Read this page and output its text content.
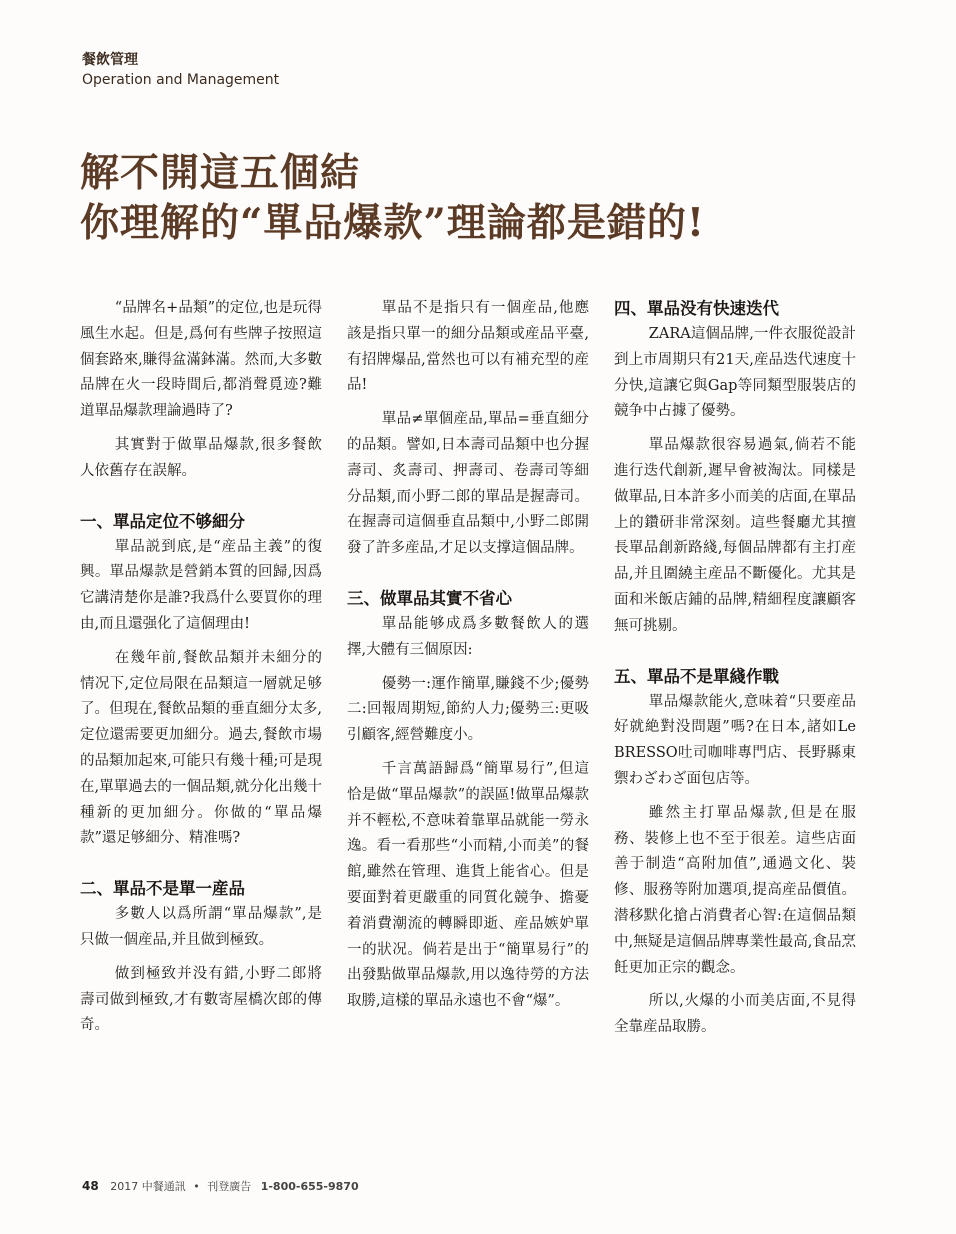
餐飲管理
Operation and Management
解不開這五個結
你理解的“單品爆款”理論都是錯的!

“品牌名+品類”的定位,也是玩得風生水起。但是,爲何有些牌子按照這個套路來,賺得盆滿鉢滿。然而,大多數品牌在火一段時間后,都消聲覓迹?難道單品爆款理論過時了?

其實對于做單品爆款,很多餐飲人依舊存在誤解。

一、單品定位不够細分

單品説到底,是“産品主義”的復興。單品爆款是營銷本質的回歸,因爲它講清楚你是誰?我爲什么要買你的理由,而且還强化了這個理由!

在幾年前,餐飲品類并未細分的情况下,定位局限在品類這一層就足够了。但現在,餐飲品類的垂直細分太多,定位還需要更加細分。過去,餐飲市場的品類加起來,可能只有幾十種;可是現在,單單過去的一個品類,就分化出幾十種新的更加細分。你做的“單品爆款”還足够細分、精准嗎?

二、單品不是單一産品

多數人以爲所謂“單品爆款”,是只做一個産品,并且做到極致。

做到極致并没有錯,小野二郎將壽司做到極致,才有數寄屋橋次郎的傳奇。

單品不是指只有一個産品,他應該是指只單一的細分品類或産品平臺,有招牌爆品,當然也可以有補充型的産品!

單品≠單個産品,單品=垂直細分的品類。譬如,日本壽司品類中也分握壽司、炙壽司、押壽司、卷壽司等細分品類,而小野二郎的單品是握壽司。在握壽司這個垂直品類中,小野二郎開發了許多産品,才足以支撑這個品牌。

三、做單品其實不省心

單品能够成爲多數餐飲人的選擇,大體有三個原因:

優勢一:運作簡單,賺錢不少;優勢二:回報周期短,節約人力;優勢三:更吸引顧客,經營難度小。

千言萬語歸爲“簡單易行”,但這恰是做“單品爆款”的誤區!做單品爆款并不輕松,不意味着靠單品就能一勞永逸。看一看那些“小而精,小而美”的餐館,雖然在管理、進貨上能省心。但是要面對着更嚴重的同質化競争、擔憂着消費潮流的轉瞬即逝、産品嫉妒單一的狀况。倘若是出于“簡單易行”的出發點做單品爆款,用以逸待勞的方法取勝,這樣的單品永遠也不會“爆”。

四、單品没有快速迭代

ZARA這個品牌,一件衣服從設計到上市周期只有21天,産品迭代速度十分快,這讓它與Gap等同類型服裝店的競争中占據了優勢。

單品爆款很容易過氣,倘若不能進行迭代創新,遲早會被淘汰。同樣是做單品,日本許多小而美的店面,在單品上的鑽研非常深刻。這些餐廳尤其擅長單品創新路綫,每個品牌都有主打産品,并且圍繞主産品不斷優化。尤其是面和米飯店鋪的品牌,精細程度讓顧客無可挑剔。

五、單品不是單綫作戰

單品爆款能火,意味着“只要産品好就絶對没問題”嗎?在日本,諸如Le BRESSO吐司咖啡專門店、長野縣東禦わざわざ面包店等。

雖然主打單品爆款,但是在服務、裝修上也不至于很差。這些店面善于制造“高附加值”,通過文化、裝修、服務等附加選項,提高産品價值。潜移默化搶占消費者心智:在這個品類中,無疑是這個品牌專業性最高,食品烹飪更加正宗的觀念。

所以,火爆的小而美店面,不見得全靠産品取勝。

48 2017 中餐通訊 • 刊登廣告 1-800-655-9870
